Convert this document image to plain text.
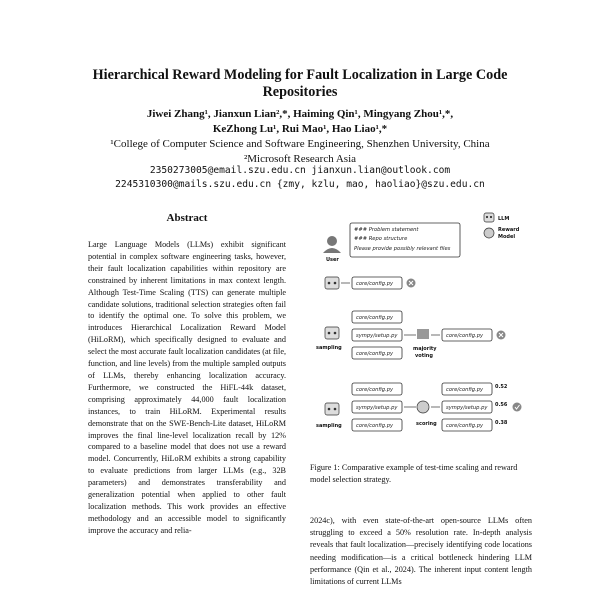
Hierarchical Reward Modeling for Fault Localization in Large Code Repositories
Jiwei Zhang¹, Jianxun Lian²,*, Haiming Qin¹, Mingyang Zhou¹,*,
KeZhong Lu¹, Rui Mao¹, Hao Liao¹,*
¹College of Computer Science and Software Engineering, Shenzhen University, China
²Microsoft Research Asia
2350273005@email.szu.edu.cn jianxun.lian@outlook.com
2245310300@mails.szu.edu.cn {zmy, kzlu, mao, haoliao}@szu.edu.cn
Abstract
Large Language Models (LLMs) exhibit significant potential in complex software engineering tasks, however, their fault localization capabilities within repository are constrained by inherent limitations in max context length. Although Test-Time Scaling (TTS) can generate multiple candidate solutions, traditional selection strategies often fail to identify the optimal one. To solve this problem, we introduces Hierarchical Localization Reward Model (HiLoRM), which specifically designed to evaluate and select the most accurate fault localization candidates (at file, function, and line levels) from the multiple sampled outputs of LLMs, thereby enhancing localization accuracy. Furthermore, we constructed the HiFL-44k dataset, comprising approximately 44,000 fault localization instances, to train HiLoRM. Experimental results demonstrate that on the SWE-Bench-Lite dataset, HiLoRM improves the final line-level localization recall by 12% compared to a baseline model that does not use a reward model. Concurrently, HiLoRM exhibits a strong capability to evaluate predictions from larger LLMs (e.g., 32B parameters) and demonstrates transferability and generalization potential when applied to other fault localization methods. This work provides an effective methodology and an accessible model to significantly improve the accuracy and relia-
LLM
Reward
Model
User
### Problem statement
### Repo structure
Please provide possibly relevant files
core/config.py
sampling
core/config.py
sympy/setup.py
core/config.py
majority
voting
core/config.py
sampling
core/config.py
sympy/setup.py
core/config.py	scoring
core/config.py 0.52
sympy/setup.py 0.56
core/config.py 0.38
Figure 1: Comparative example of test-time scaling and reward model selection strategy.
2024c), with even state-of-the-art open-source LLMs often struggling to exceed a 50% resolution rate. In-depth analysis reveals that fault localization—precisely identifying code locations needing modification—is a critical bottleneck hindering LLM performance (Qin et al., 2024). The inherent input content length limitations of current LLMs
